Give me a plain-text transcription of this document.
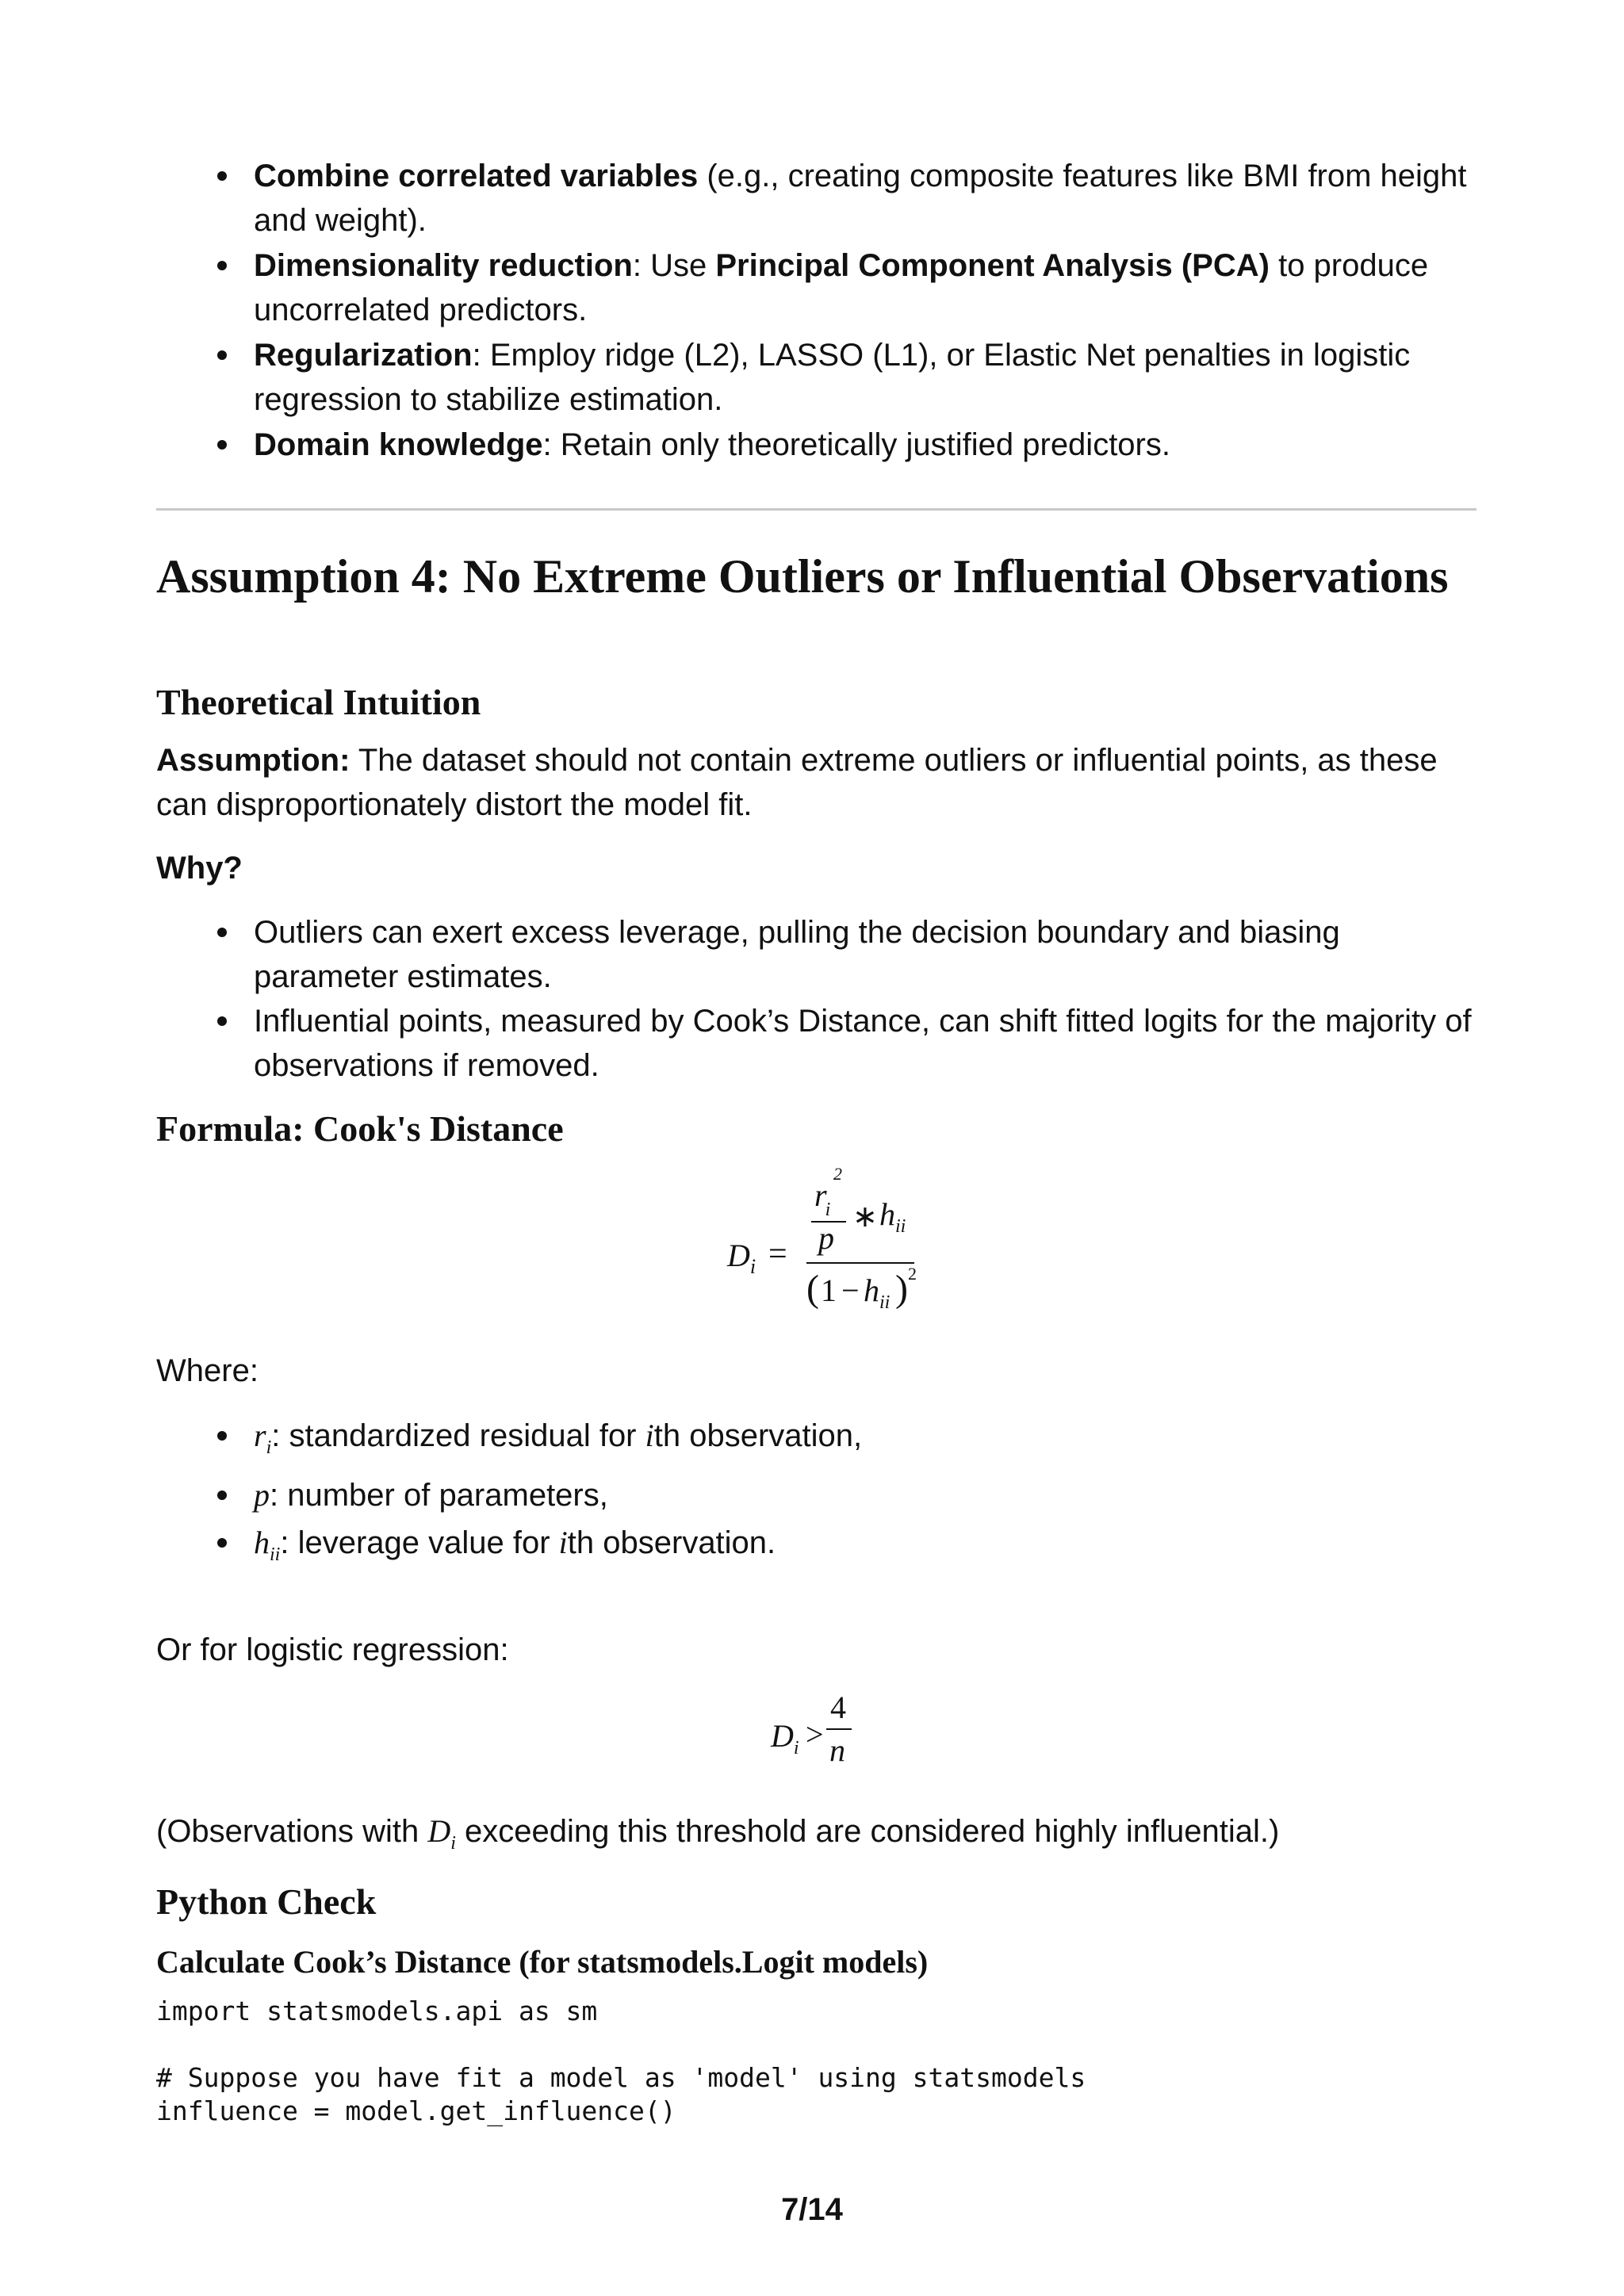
Combine correlated variables (e.g., creating composite features like BMI from height and weight).
Dimensionality reduction: Use Principal Component Analysis (PCA) to produce uncorrelated predictors.
Regularization: Employ ridge (L2), LASSO (L1), or Elastic Net penalties in logistic regression to stabilize estimation.
Domain knowledge: Retain only theoretically justified predictors.
Assumption 4: No Extreme Outliers or Influential Observations
Theoretical Intuition

Assumption: The dataset should not contain extreme outliers or influential points, as these can disproportionately distort the model fit.

Why?

Outliers can exert excess leverage, pulling the decision boundary and biasing parameter estimates.
Influential points, measured by Cook’s Distance, can shift fitted logits for the majority of observations if removed.
Formula: Cook's Distance
$D_i$ =
$r_i$
2
p
∗ $h_{ii}$
( $1 - h_{ii}$ ) 2

Where:

$r_i$: standardized residual for ith observation,
p: number of parameters,
$h_{ii}$: leverage value for ith observation.

Or for logistic regression:

$D_i$ >
4
n

(Observations with $D_i$ exceeding this threshold are considered highly influential.)

Python Check
Calculate Cook’s Distance (for statsmodels.Logit models)
import statsmodels.api as sm
# Suppose you have fit a model as 'model' using statsmodels
influence = model.get_influence()
7/14
